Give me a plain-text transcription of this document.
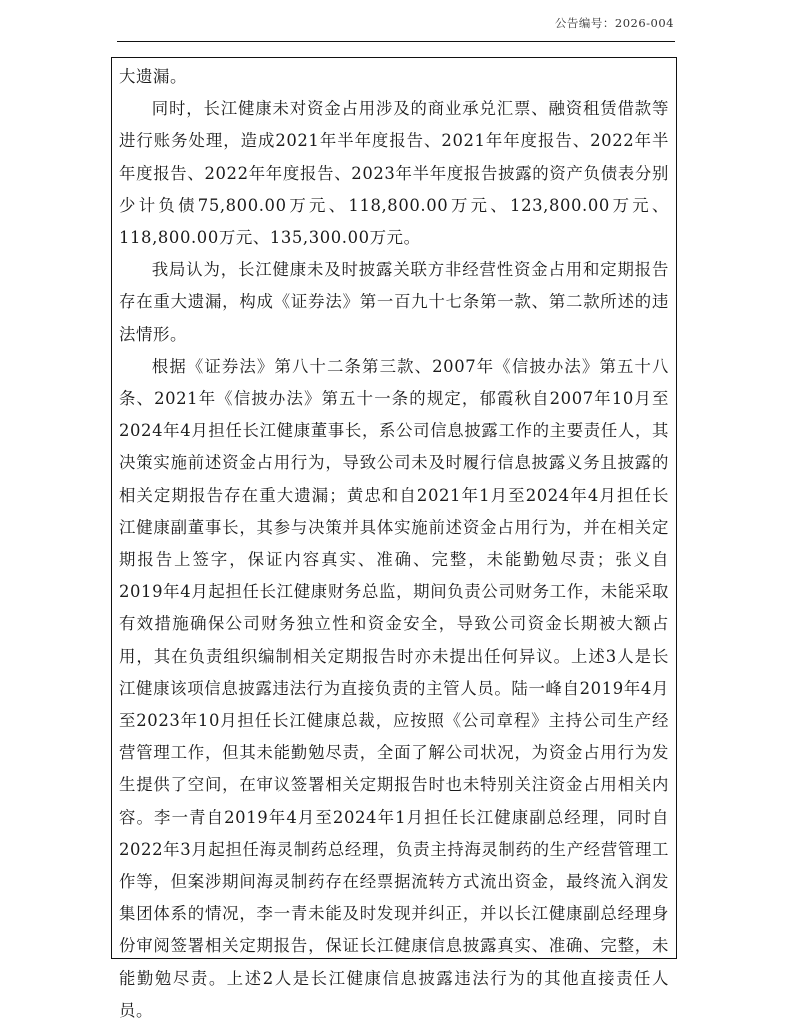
公告编号：2026-004

大遗漏。

同时，长江健康未对资金占用涉及的商业承兑汇票、融资租赁借款等进行账务处理，造成2021年半年度报告、2021年年度报告、2022年半年度报告、2022年年度报告、2023年半年度报告披露的资产负债表分别少计负债75,800.00万元、118,800.00万元、123,800.00万元、118,800.00万元、135,300.00万元。

我局认为，长江健康未及时披露关联方非经营性资金占用和定期报告存在重大遗漏，构成《证券法》第一百九十七条第一款、第二款所述的违法情形。

根据《证券法》第八十二条第三款、2007年《信披办法》第五十八条、2021年《信披办法》第五十一条的规定，郁霞秋自2007年10月至2024年4月担任长江健康董事长，系公司信息披露工作的主要责任人，其决策实施前述资金占用行为，导致公司未及时履行信息披露义务且披露的相关定期报告存在重大遗漏；黄忠和自2021年1月至2024年4月担任长江健康副董事长，其参与决策并具体实施前述资金占用行为，并在相关定期报告上签字，保证内容真实、准确、完整，未能勤勉尽责；张义自2019年4月起担任长江健康财务总监，期间负责公司财务工作，未能采取有效措施确保公司财务独立性和资金安全，导致公司资金长期被大额占用，其在负责组织编制相关定期报告时亦未提出任何异议。上述3人是长江健康该项信息披露违法行为直接负责的主管人员。陆一峰自2019年4月至2023年10月担任长江健康总裁，应按照《公司章程》主持公司生产经营管理工作，但其未能勤勉尽责，全面了解公司状况，为资金占用行为发生提供了空间，在审议签署相关定期报告时也未特别关注资金占用相关内容。李一青自2019年4月至2024年1月担任长江健康副总经理，同时自2022年3月起担任海灵制药总经理，负责主持海灵制药的生产经营管理工作等，但案涉期间海灵制药存在经票据流转方式流出资金，最终流入润发集团体系的情况，李一青未能及时发现并纠正，并以长江健康副总经理身份审阅签署相关定期报告，保证长江健康信息披露真实、准确、完整，未能勤勉尽责。上述2人是长江健康信息披露违法行为的其他直接责任人员。
